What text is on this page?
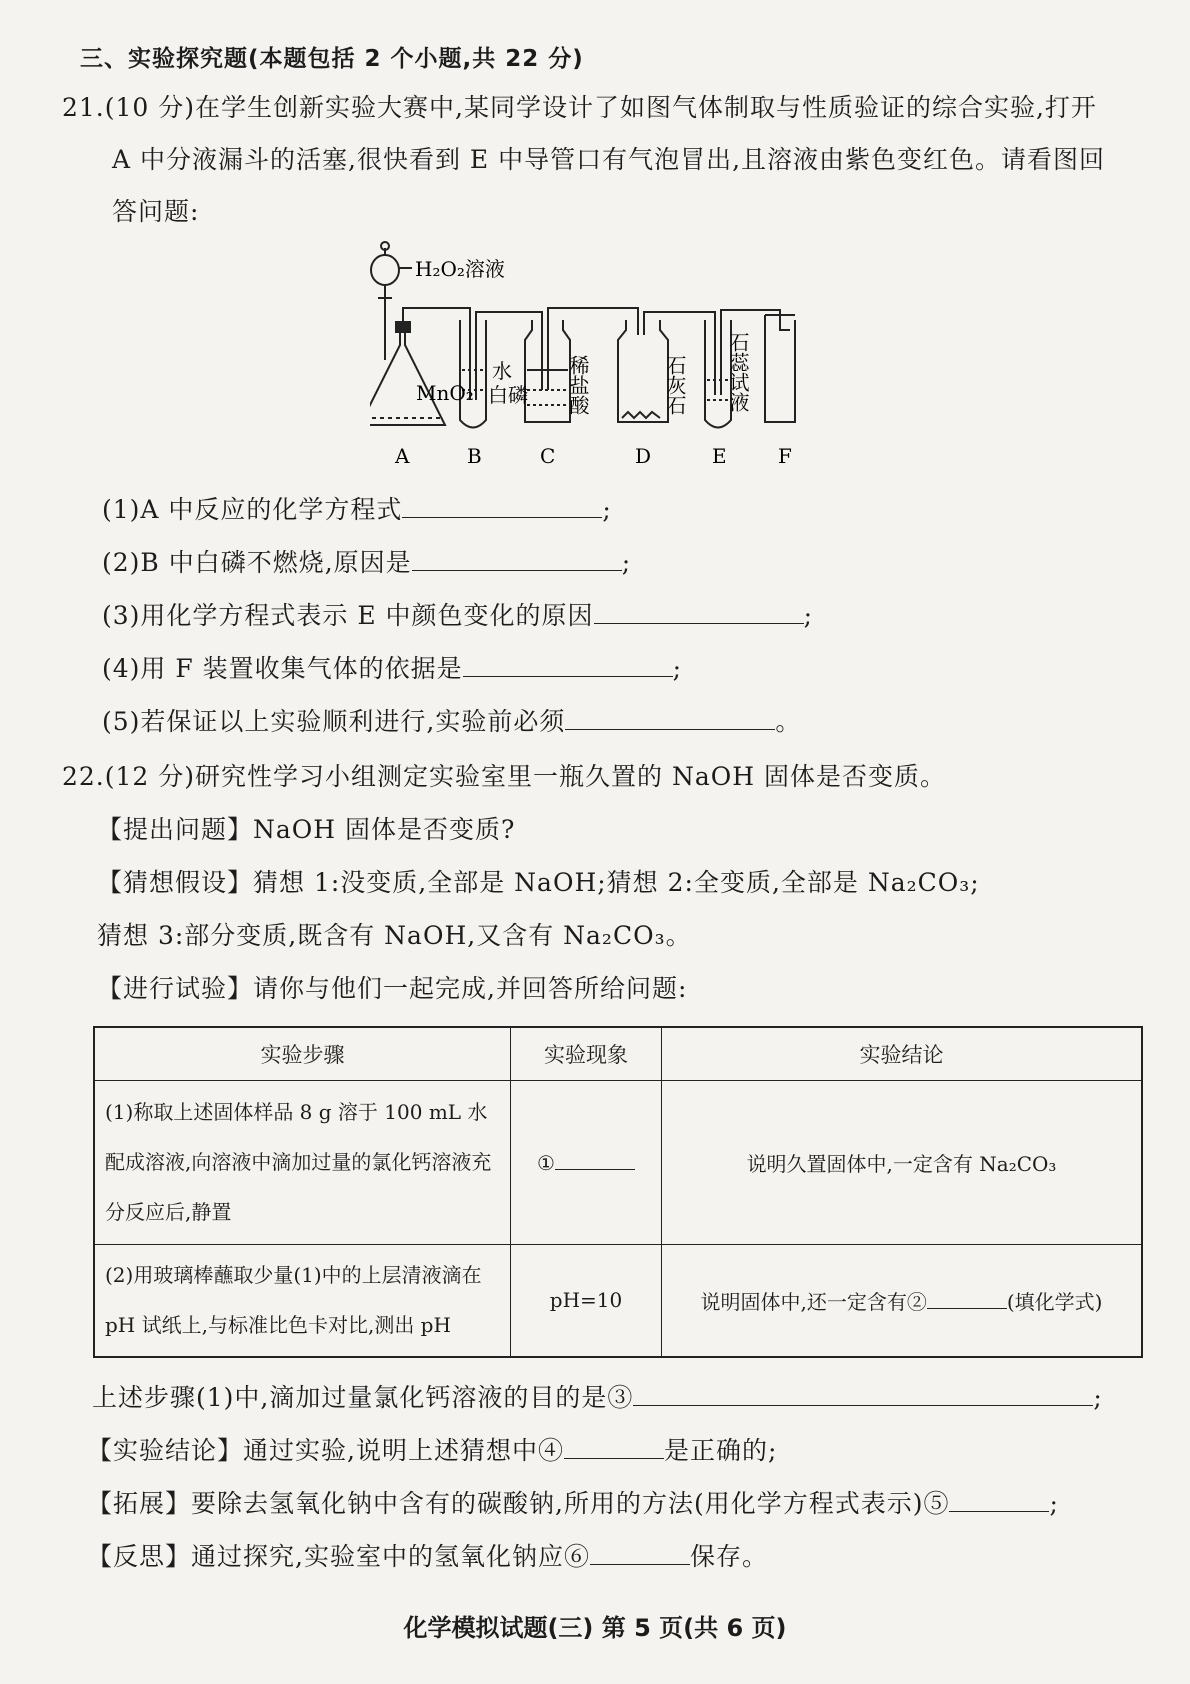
三、实验探究题(本题包括 2 个小题,共 22 分)
21.(10 分)在学生创新实验大赛中,某同学设计了如图气体制取与性质验证的综合实验,打开
A 中分液漏斗的活塞,很快看到 E 中导管口有气泡冒出,且溶液由紫色变红色。请看图回
答问题:
H₂O₂溶液
MnO₂
水
白磷 稀盐酸	石灰石 石蕊试液
A	B	C	D	E	F
(1)A 中反应的化学方程式	;
(2)B 中白磷不燃烧,原因是	;
(3)用化学方程式表示 E 中颜色变化的原因	;
(4)用 F 装置收集气体的依据是	;
(5)若保证以上实验顺利进行,实验前必须	。
22.(12 分)研究性学习小组测定实验室里一瓶久置的 NaOH 固体是否变质。
【提出问题】NaOH 固体是否变质?
【猜想假设】猜想 1:没变质,全部是 NaOH;猜想 2:全变质,全部是 Na₂CO₃;
猜想 3:部分变质,既含有 NaOH,又含有 Na₂CO₃。
【进行试验】请你与他们一起完成,并回答所给问题:
实验步骤	实验现象	实验结论
(1)称取上述固体样品 8 g 溶于 100 mL 水配成溶液,向溶液中滴加过量的氯化钙溶液充分反应后,静置	①	说明久置固体中,一定含有 Na₂CO₃
(2)用玻璃棒蘸取少量(1)中的上层清液滴在 pH 试纸上,与标准比色卡对比,测出 pH	pH=10	说明固体中,还一定含有② (填化学式)
上述步骤(1)中,滴加过量氯化钙溶液的目的是③	;
【实验结论】通过实验,说明上述猜想中④	是正确的;
【拓展】要除去氢氧化钠中含有的碳酸钠,所用的方法(用化学方程式表示)⑤	;
【反思】通过探究,实验室中的氢氧化钠应⑥	保存。
化学模拟试题(三) 第 5 页(共 6 页)
